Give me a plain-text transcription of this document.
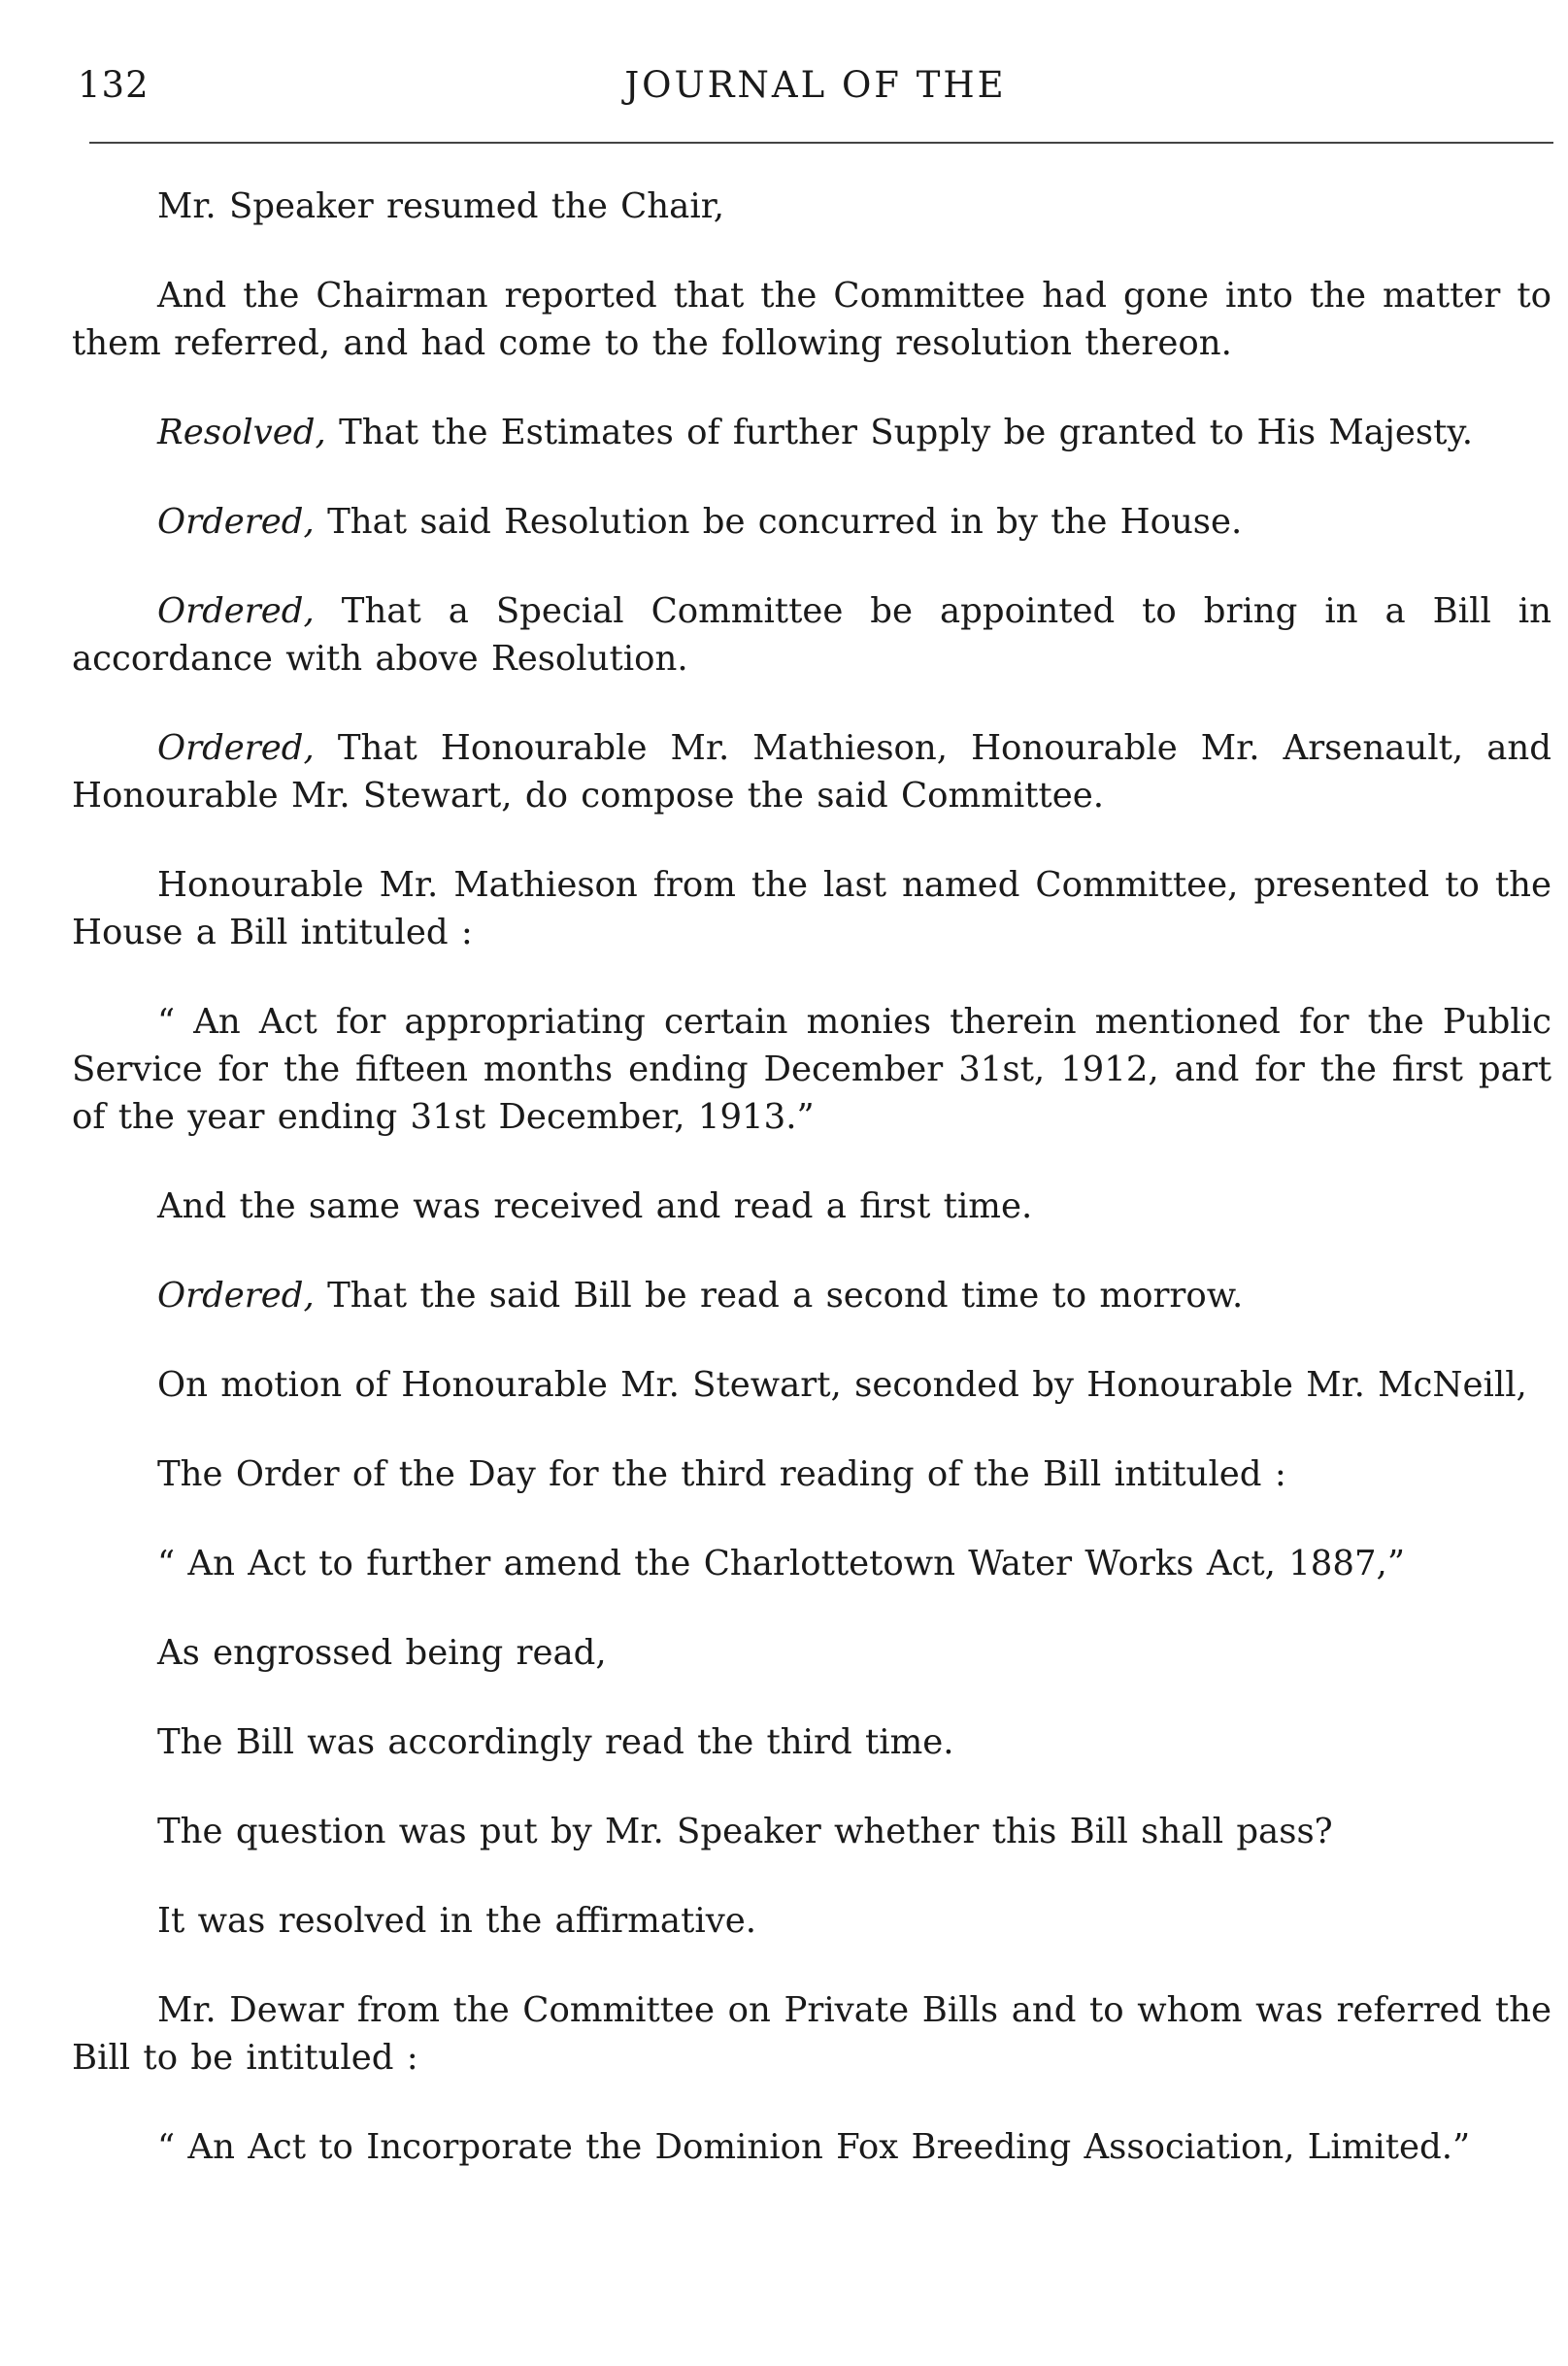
132	JOURNAL OF THE

Mr. Speaker resumed the Chair,

And the Chairman reported that the Committee had gone into the matter to them referred, and had come to the following resolution thereon.

Resolved, That the Estimates of further Supply be granted to His Majesty.

Ordered, That said Resolution be concurred in by the House.

Ordered, That a Special Committee be appointed to bring in a Bill in accordance with above Resolution.

Ordered, That Honourable Mr. Mathieson, Honourable Mr. Arsenault, and Honourable Mr. Stewart, do compose the said Committee.

Honourable Mr. Mathieson from the last named Committee, presented to the House a Bill intituled :

“ An Act for appropriating certain monies therein mentioned for the Public Service for the fifteen months ending December 31st, 1912, and for the first part of the year ending 31st December, 1913.”

And the same was received and read a first time.

Ordered, That the said Bill be read a second time to morrow.

On motion of Honourable Mr. Stewart, seconded by Honourable Mr. McNeill,

The Order of the Day for the third reading of the Bill intituled :

“ An Act to further amend the Charlottetown Water Works Act, 1887,”

As engrossed being read,

The Bill was accordingly read the third time.

The question was put by Mr. Speaker whether this Bill shall pass?

It was resolved in the affirmative.

Mr. Dewar from the Committee on Private Bills and to whom was referred the Bill to be intituled :

“ An Act to Incorporate the Dominion Fox Breeding Association, Limited.”
